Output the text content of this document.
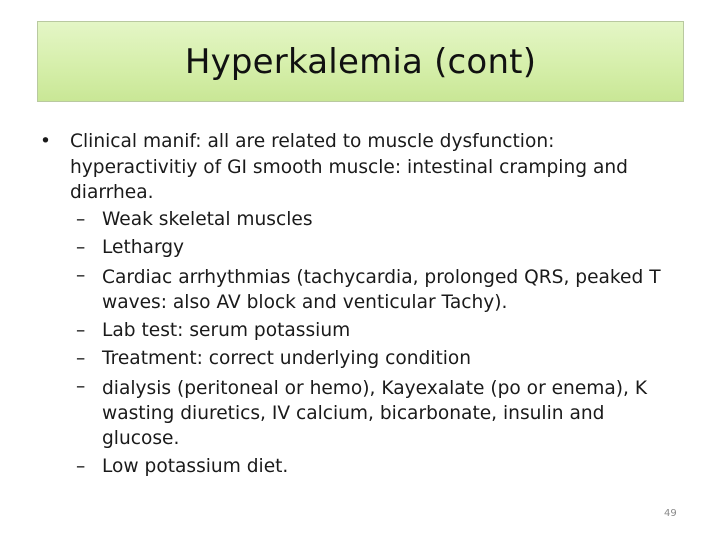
Hyperkalemia (cont)
•	Clinical manif: all are related to muscle dysfunction: hyperactivitiy of GI smooth muscle: intestinal cramping and diarrhea.
– Weak skeletal muscles
– Lethargy
– Cardiac arrhythmias (tachycardia, prolonged QRS, peaked T waves: also AV block and venticular Tachy).
– Lab test: serum potassium
– Treatment: correct underlying condition
– dialysis (peritoneal or hemo), Kayexalate (po or enema), K wasting diuretics, IV calcium, bicarbonate, insulin and glucose.
– Low potassium diet.
49
